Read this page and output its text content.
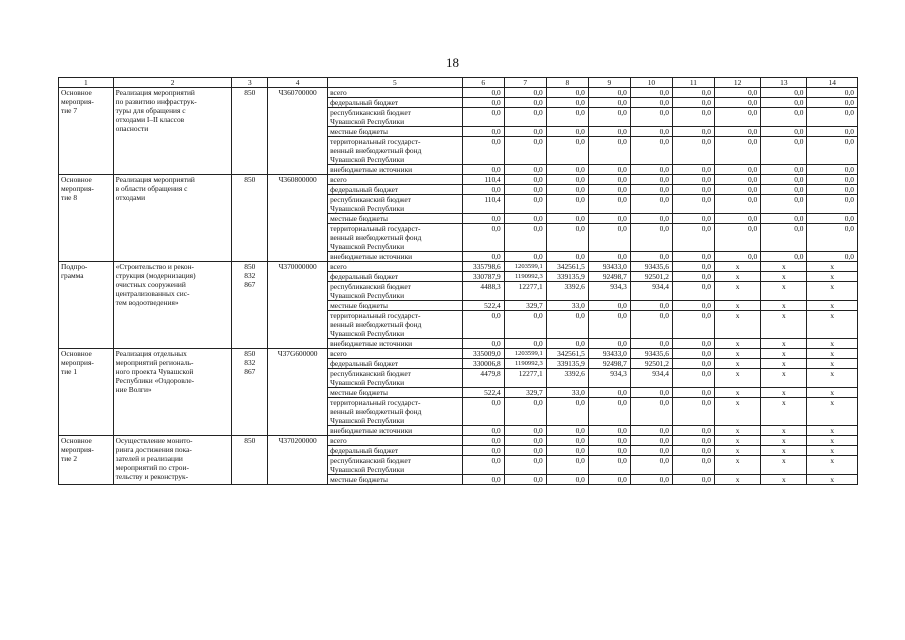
18
1	2	3	4	5	6	7	8	9	10	11	12	13	14

Основное
мероприя-
тие 7	Реализация мероприятий
по развитию инфраструк-
туры для обращения с
отходами I–II классов
опасности	850	Ч360700000	всего	0,0	0,0	0,0	0,0	0,0	0,0	0,0	0,0	0,0

				федеральный бюджет	0,0	0,0	0,0	0,0	0,0	0,0	0,0	0,0	0,0

				республиканский бюджет
Чувашской Республики	0,0	0,0	0,0	0,0	0,0	0,0	0,0	0,0	0,0

				местные бюджеты	0,0	0,0	0,0	0,0	0,0	0,0	0,0	0,0	0,0

				территориальный государст-
венный внебюджетный фонд
Чувашской Республики	0,0	0,0	0,0	0,0	0,0	0,0	0,0	0,0	0,0

				внебюджетные источники	0,0	0,0	0,0	0,0	0,0	0,0	0,0	0,0	0,0

Основное
мероприя-
тие 8	Реализация мероприятий
в области обращения с
отходами	850	Ч360800000	всего	110,4	0,0	0,0	0,0	0,0	0,0	0,0	0,0	0,0

				федеральный бюджет	0,0	0,0	0,0	0,0	0,0	0,0	0,0	0,0	0,0

				республиканский бюджет
Чувашской Республики	110,4	0,0	0,0	0,0	0,0	0,0	0,0	0,0	0,0

				местные бюджеты	0,0	0,0	0,0	0,0	0,0	0,0	0,0	0,0	0,0

				территориальный государст-
венный внебюджетный фонд
Чувашской Республики	0,0	0,0	0,0	0,0	0,0	0,0	0,0	0,0	0,0

				внебюджетные источники	0,0	0,0	0,0	0,0	0,0	0,0	0,0	0,0	0,0

Подпро-
грамма	«Строительство и рекон-
струкция (модернизация)
очистных сооружений
централизованных сис-
тем водоотведения»	850
832
867	Ч370000000	всего	335798,6	1203599,1	342561,5	93433,0	93435,6	0,0	x	x	x

				федеральный бюджет	330787,9	1190992,3	339135,9	92498,7	92501,2	0,0	x	x	x

				республиканский бюджет
Чувашской Республики	4488,3	12277,1	3392,6	934,3	934,4	0,0	x	x	x

				местные бюджеты	522,4	329,7	33,0	0,0	0,0	0,0	x	x	x

				территориальный государст-
венный внебюджетный фонд
Чувашской Республики	0,0	0,0	0,0	0,0	0,0	0,0	x	x	x

				внебюджетные источники	0,0	0,0	0,0	0,0	0,0	0,0	x	x	x

Основное
мероприя-
тие 1	Реализация отдельных
мероприятий региональ-
ного проекта Чувашской
Республики «Оздоровле-
ние Волги»	850
832
867	Ч37G600000	всего	335009,0	1203599,1	342561,5	93433,0	93435,6	0,0	x	x	x

				федеральный бюджет	330006,8	1190992,3	339135,9	92498,7	92501,2	0,0	x	x	x

				республиканский бюджет
Чувашской Республики	4479,8	12277,1	3392,6	934,3	934,4	0,0	x	x	x

				местные бюджеты	522,4	329,7	33,0	0,0	0,0	0,0	x	x	x

				территориальный государст-
венный внебюджетный фонд
Чувашской Республики	0,0	0,0	0,0	0,0	0,0	0,0	x	x	x

				внебюджетные источники	0,0	0,0	0,0	0,0	0,0	0,0	x	x	x

Основное
мероприя-
тие 2	Осуществление монито-
ринга достижения пока-
зателей и реализации
мероприятий по строи-
тельству и реконструк-	850	Ч370200000	всего	0,0	0,0	0,0	0,0	0,0	0,0	x	x	x

				федеральный бюджет	0,0	0,0	0,0	0,0	0,0	0,0	x	x	x

				республиканский бюджет
Чувашской Республики	0,0	0,0	0,0	0,0	0,0	0,0	x	x	x

				местные бюджеты	0,0	0,0	0,0	0,0	0,0	0,0	x	x	x
